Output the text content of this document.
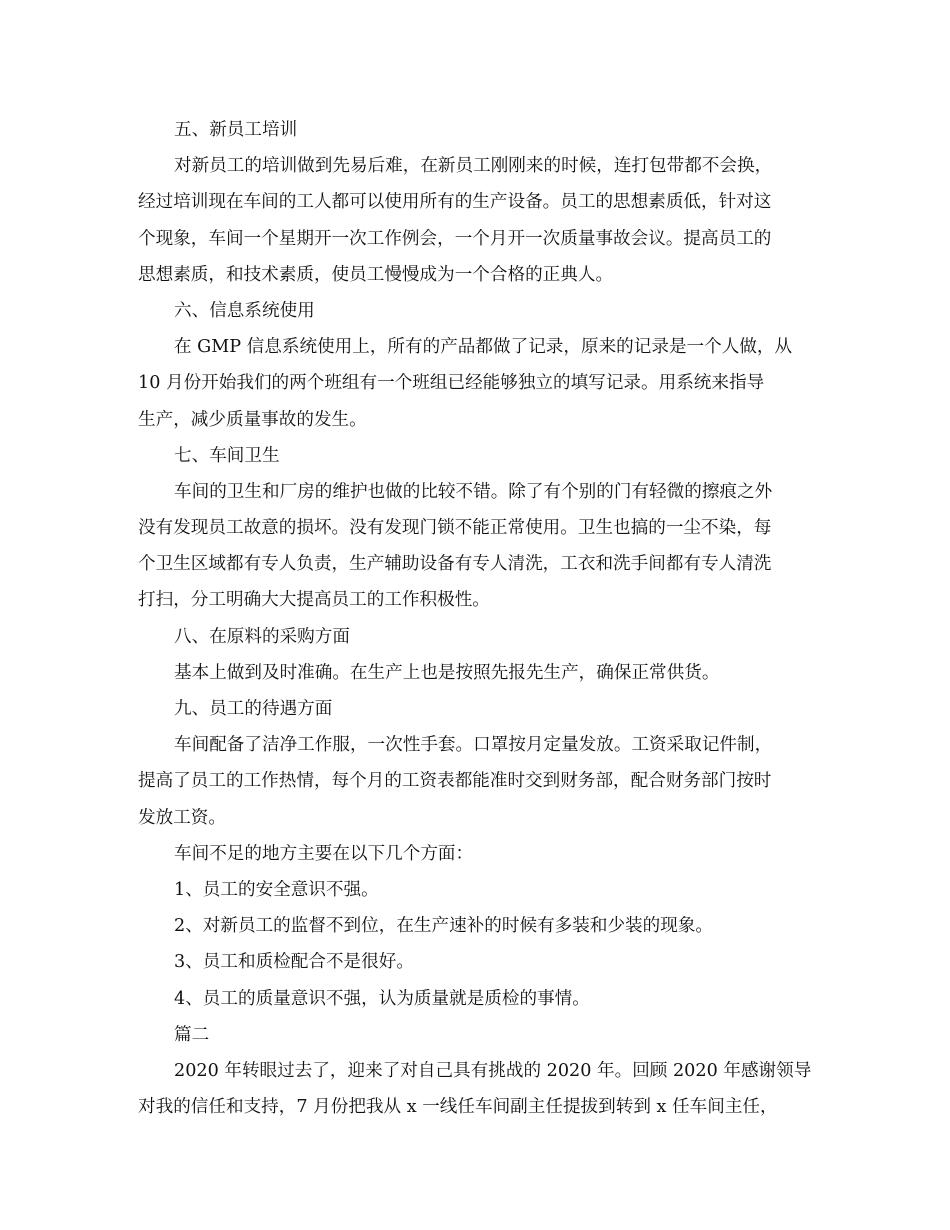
五、新员工培训
对新员工的培训做到先易后难，在新员工刚刚来的时候，连打包带都不会换，
经过培训现在车间的工人都可以使用所有的生产设备。员工的思想素质低，针对这
个现象，车间一个星期开一次工作例会，一个月开一次质量事故会议。提高员工的
思想素质，和技术素质，使员工慢慢成为一个合格的正典人。
六、信息系统使用
在 GMP 信息系统使用上，所有的产品都做了记录，原来的记录是一个人做，从
10 月份开始我们的两个班组有一个班组已经能够独立的填写记录。用系统来指导
生产，减少质量事故的发生。
七、车间卫生
车间的卫生和厂房的维护也做的比较不错。除了有个别的门有轻微的擦痕之外
没有发现员工故意的损坏。没有发现门锁不能正常使用。卫生也搞的一尘不染，每
个卫生区域都有专人负责，生产辅助设备有专人清洗，工衣和洗手间都有专人清洗
打扫，分工明确大大提高员工的工作积极性。
八、在原料的采购方面
基本上做到及时准确。在生产上也是按照先报先生产，确保正常供货。
九、员工的待遇方面
车间配备了洁净工作服，一次性手套。口罩按月定量发放。工资采取记件制，
提高了员工的工作热情，每个月的工资表都能准时交到财务部，配合财务部门按时
发放工资。
车间不足的地方主要在以下几个方面：
1、员工的安全意识不强。
2、对新员工的监督不到位，在生产速补的时候有多装和少装的现象。
3、员工和质检配合不是很好。
4、员工的质量意识不强，认为质量就是质检的事情。
篇二
2020 年转眼过去了，迎来了对自己具有挑战的 2020 年。回顾 2020 年感谢领导
对我的信任和支持，7 月份把我从 x 一线任车间副主任提拔到转到 x 任车间主任，
